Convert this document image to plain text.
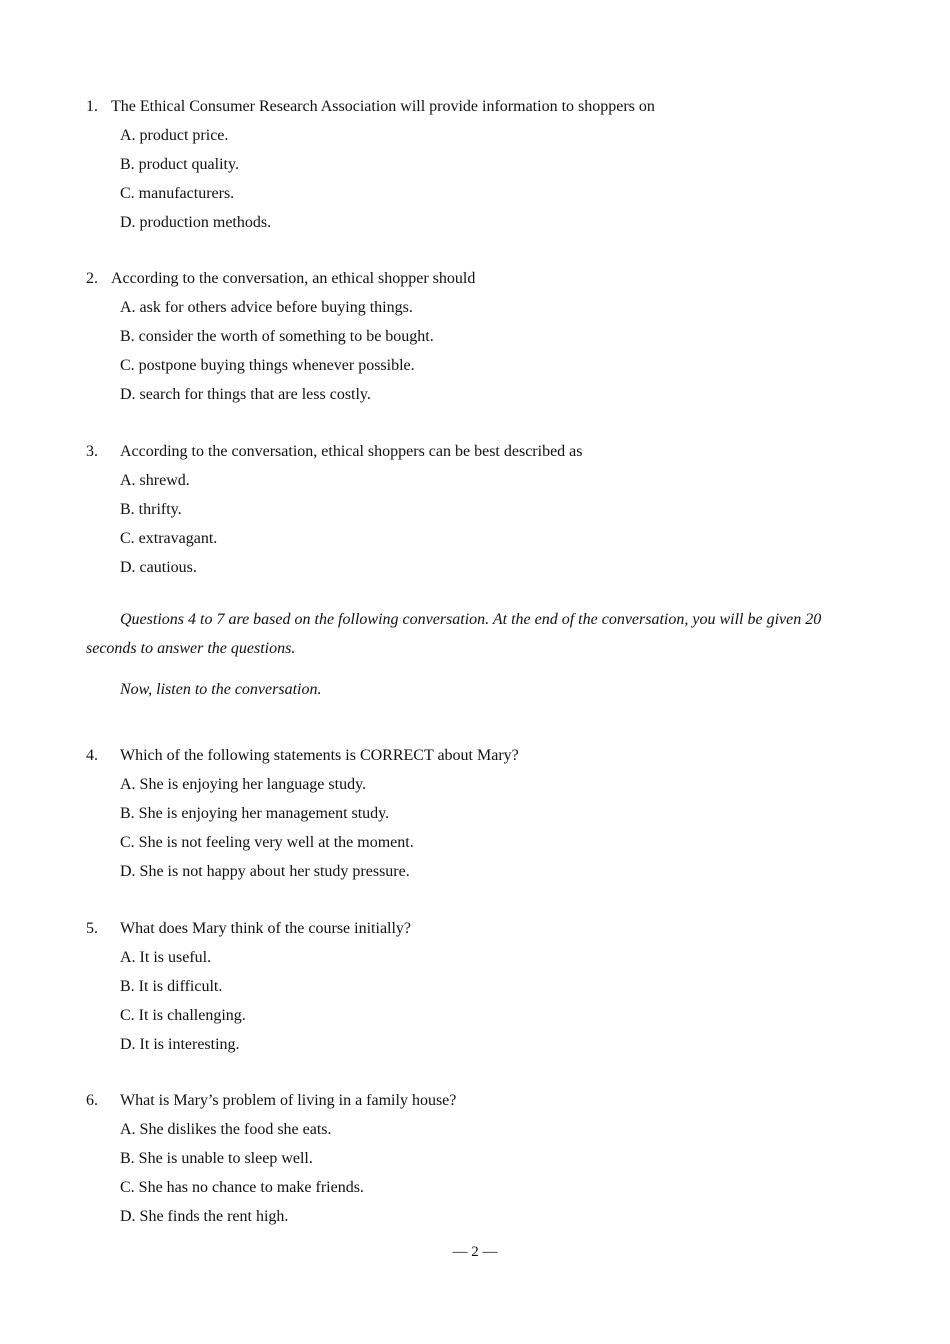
1. The Ethical Consumer Research Association will provide information to shoppers on
A. product price.
B. product quality.
C. manufacturers.
D. production methods.
2. According to the conversation, an ethical shopper should
A. ask for others advice before buying things.
B. consider the worth of something to be bought.
C. postpone buying things whenever possible.
D. search for things that are less costly.
3. According to the conversation, ethical shoppers can be best described as
A. shrewd.
B. thrifty.
C. extravagant.
D. cautious.

Questions 4 to 7 are based on the following conversation. At the end of the conversation, you will be given 20 seconds to answer the questions.

Now, listen to the conversation.

4. Which of the following statements is CORRECT about Mary?
A. She is enjoying her language study.
B. She is enjoying her management study.
C. She is not feeling very well at the moment.
D. She is not happy about her study pressure.
5. What does Mary think of the course initially?
A. It is useful.
B. It is difficult.
C. It is challenging.
D. It is interesting.
6. What is Mary’s problem of living in a family house?
A. She dislikes the food she eats.
B. She is unable to sleep well.
C. She has no chance to make friends.
D. She finds the rent high.
— 2 —
